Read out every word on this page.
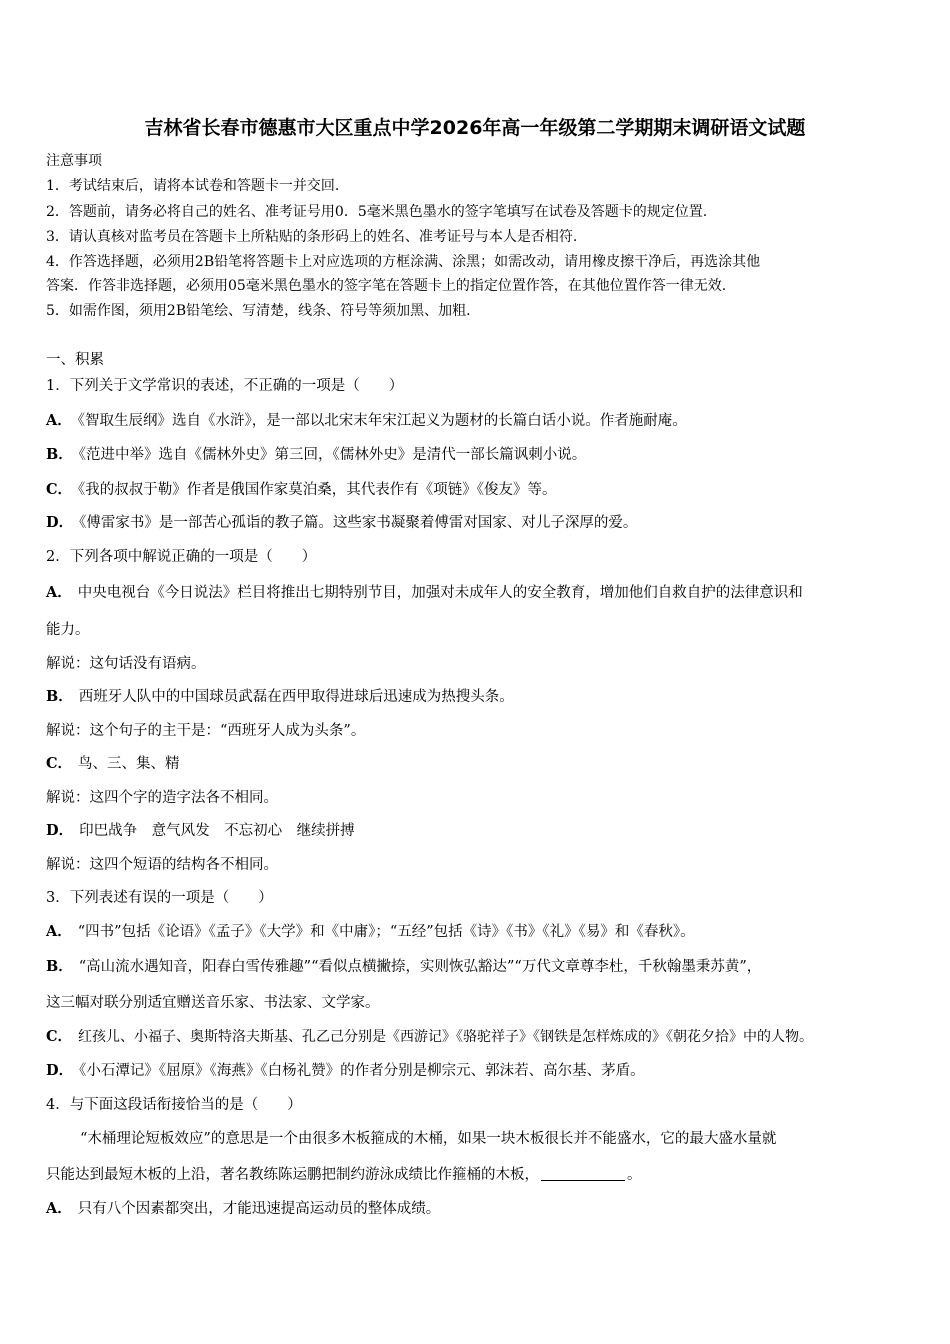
吉林省长春市德惠市大区重点中学2026年高一年级第二学期期末调研语文试题
注意事项
1．考试结束后，请将本试卷和答题卡一并交回.
2．答题前，请务必将自己的姓名、准考证号用0．5毫米黑色墨水的签字笔填写在试卷及答题卡的规定位置.
3．请认真核对监考员在答题卡上所粘贴的条形码上的姓名、准考证号与本人是否相符.
4．作答选择题，必须用2B铅笔将答题卡上对应选项的方框涂满、涂黑；如需改动，请用橡皮擦干净后，再选涂其他
答案．作答非选择题，必须用05毫米黑色墨水的签字笔在答题卡上的指定位置作答，在其他位置作答一律无效.
5．如需作图，须用2B铅笔绘、写清楚，线条、符号等须加黑、加粗.
一、积累
1．下列关于文学常识的表述，不正确的一项是（　　）
A． 《智取生辰纲》选自《水浒》，是一部以北宋末年宋江起义为题材的长篇白话小说。作者施耐庵。
B． 《范进中举》选自《儒林外史》第三回，《儒林外史》是清代一部长篇讽刺小说。
C． 《我的叔叔于勒》作者是俄国作家莫泊桑，其代表作有《项链》《俊友》等。
D． 《傅雷家书》是一部苦心孤诣的教子篇。这些家书凝聚着傅雷对国家、对儿子深厚的爱。
2．下列各项中解说正确的一项是（　　）
A． 中央电视台《今日说法》栏目将推出七期特别节目，加强对未成年人的安全教育，增加他们自救自护的法律意识和
能力。
解说：这句话没有语病。
B． 西班牙人队中的中国球员武磊在西甲取得进球后迅速成为热搜头条。
解说：这个句子的主干是：“西班牙人成为头条”。
C． 鸟、三、集、精
解说：这四个字的造字法各不相同。
D． 印巴战争　意气风发　不忘初心　继续拼搏
解说：这四个短语的结构各不相同。
3．下列表述有误的一项是（　　）
A． “四书”包括《论语》《孟子》《大学》和《中庸》；“五经”包括《诗》《书》《礼》《易》和《春秋》。
B． “高山流水遇知音，阳春白雪传雅趣”“看似点横撇捺，实则恢弘豁达”“万代文章尊李杜，千秋翰墨秉苏黄”，
这三幅对联分别适宜赠送音乐家、书法家、文学家。
C． 红孩儿、小福子、奥斯特洛夫斯基、孔乙己分别是《西游记》《骆驼祥子》《钢铁是怎样炼成的》《朝花夕拾》中的人物。
D． 《小石潭记》《屈原》《海燕》《白杨礼赞》的作者分别是柳宗元、郭沫若、高尔基、茅盾。
4．与下面这段话衔接恰当的是（　　）
“木桶理论短板效应”的意思是一个由很多木板箍成的木桶，如果一块木板很长并不能盛水，它的最大盛水量就
只能达到最短木板的上沿，著名教练陈运鹏把制约游泳成绩比作箍桶的木板，	。
A． 只有八个因素都突出，才能迅速提高运动员的整体成绩。
